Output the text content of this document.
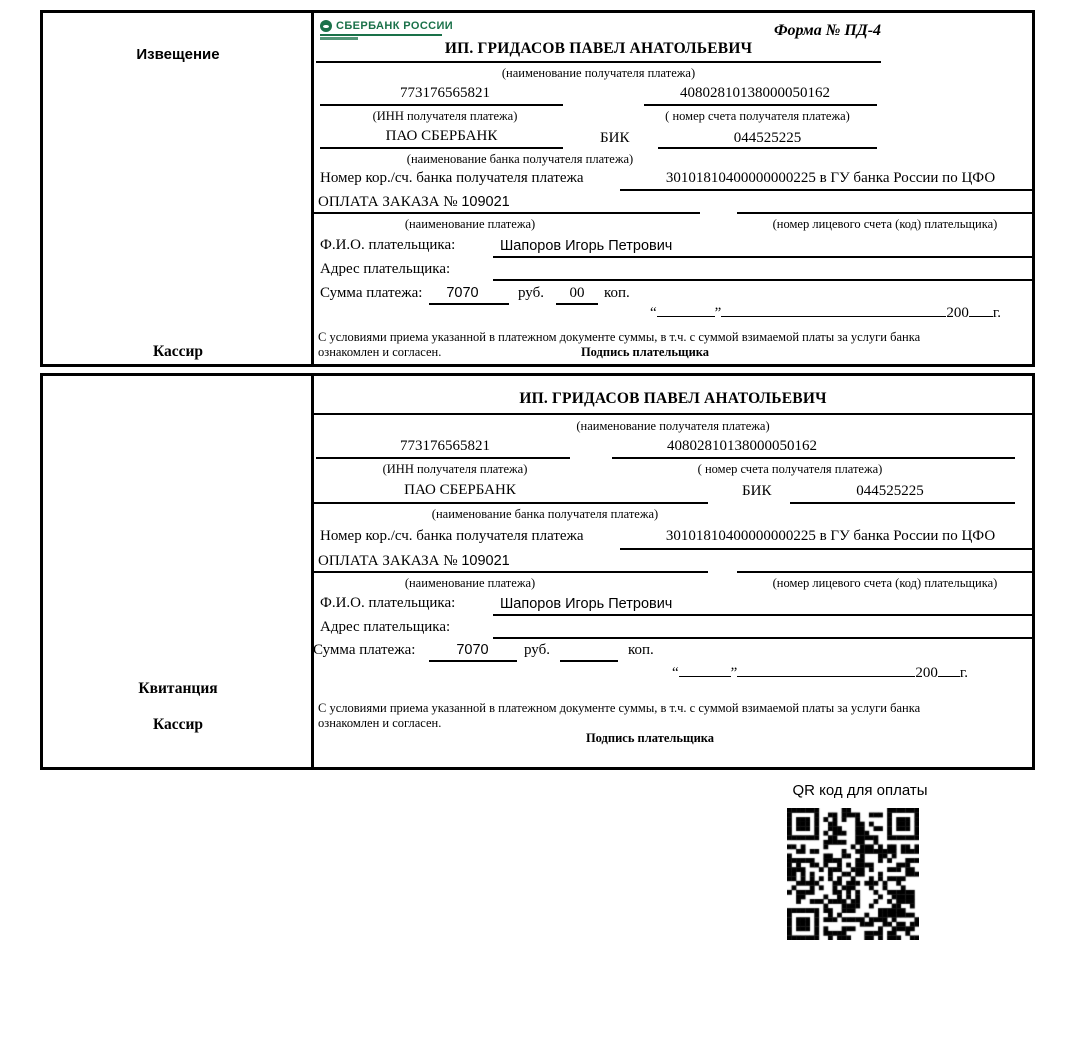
Извещение
Кассир
СБЕРБАНК РОССИИ	Форма № ПД-4
ИП. ГРИДАСОВ ПАВЕЛ АНАТОЛЬЕВИЧ
(наименование получателя платежа)
773176565821	40802810138000050162
(ИНН получателя платежа)	( номер счета получателя платежа)
ПАО СБЕРБАНК	БИК	044525225
(наименование банка получателя платежа)
Номер кор./сч. банка получателя платежа	30101810400000000225 в ГУ банка России по ЦФО
ОПЛАТА ЗАКАЗА № 109021
(наименование платежа)	(номер лицевого счета (код) плательщика)
Ф.И.О. плательщика:	Шапоров Игорь Петрович
Адрес плательщика:
Сумма платежа:	7070	руб.	00	коп.
“	”	200 г.
С условиями приема указанной в платежном документе суммы, в т.ч. с суммой взимаемой платы за услуги банка
ознакомлен и согласен.	Подпись плательщика
Квитанция
Кассир
ИП. ГРИДАСОВ ПАВЕЛ АНАТОЛЬЕВИЧ
(наименование получателя платежа)
773176565821	40802810138000050162
(ИНН получателя платежа)	( номер счета получателя платежа)
ПАО СБЕРБАНК	БИК	044525225
(наименование банка получателя платежа)
Номер кор./сч. банка получателя платежа	30101810400000000225 в ГУ банка России по ЦФО
ОПЛАТА ЗАКАЗА № 109021
(наименование платежа)	(номер лицевого счета (код) плательщика)
Ф.И.О. плательщика:	Шапоров Игорь Петрович
Адрес плательщика:
Сумма платежа:	7070	руб.	коп.
“	”	200 г.
С условиями приема указанной в платежном документе суммы, в т.ч. с суммой взимаемой платы за услуги банка
ознакомлен и согласен.
Подпись плательщика
QR код для оплаты
